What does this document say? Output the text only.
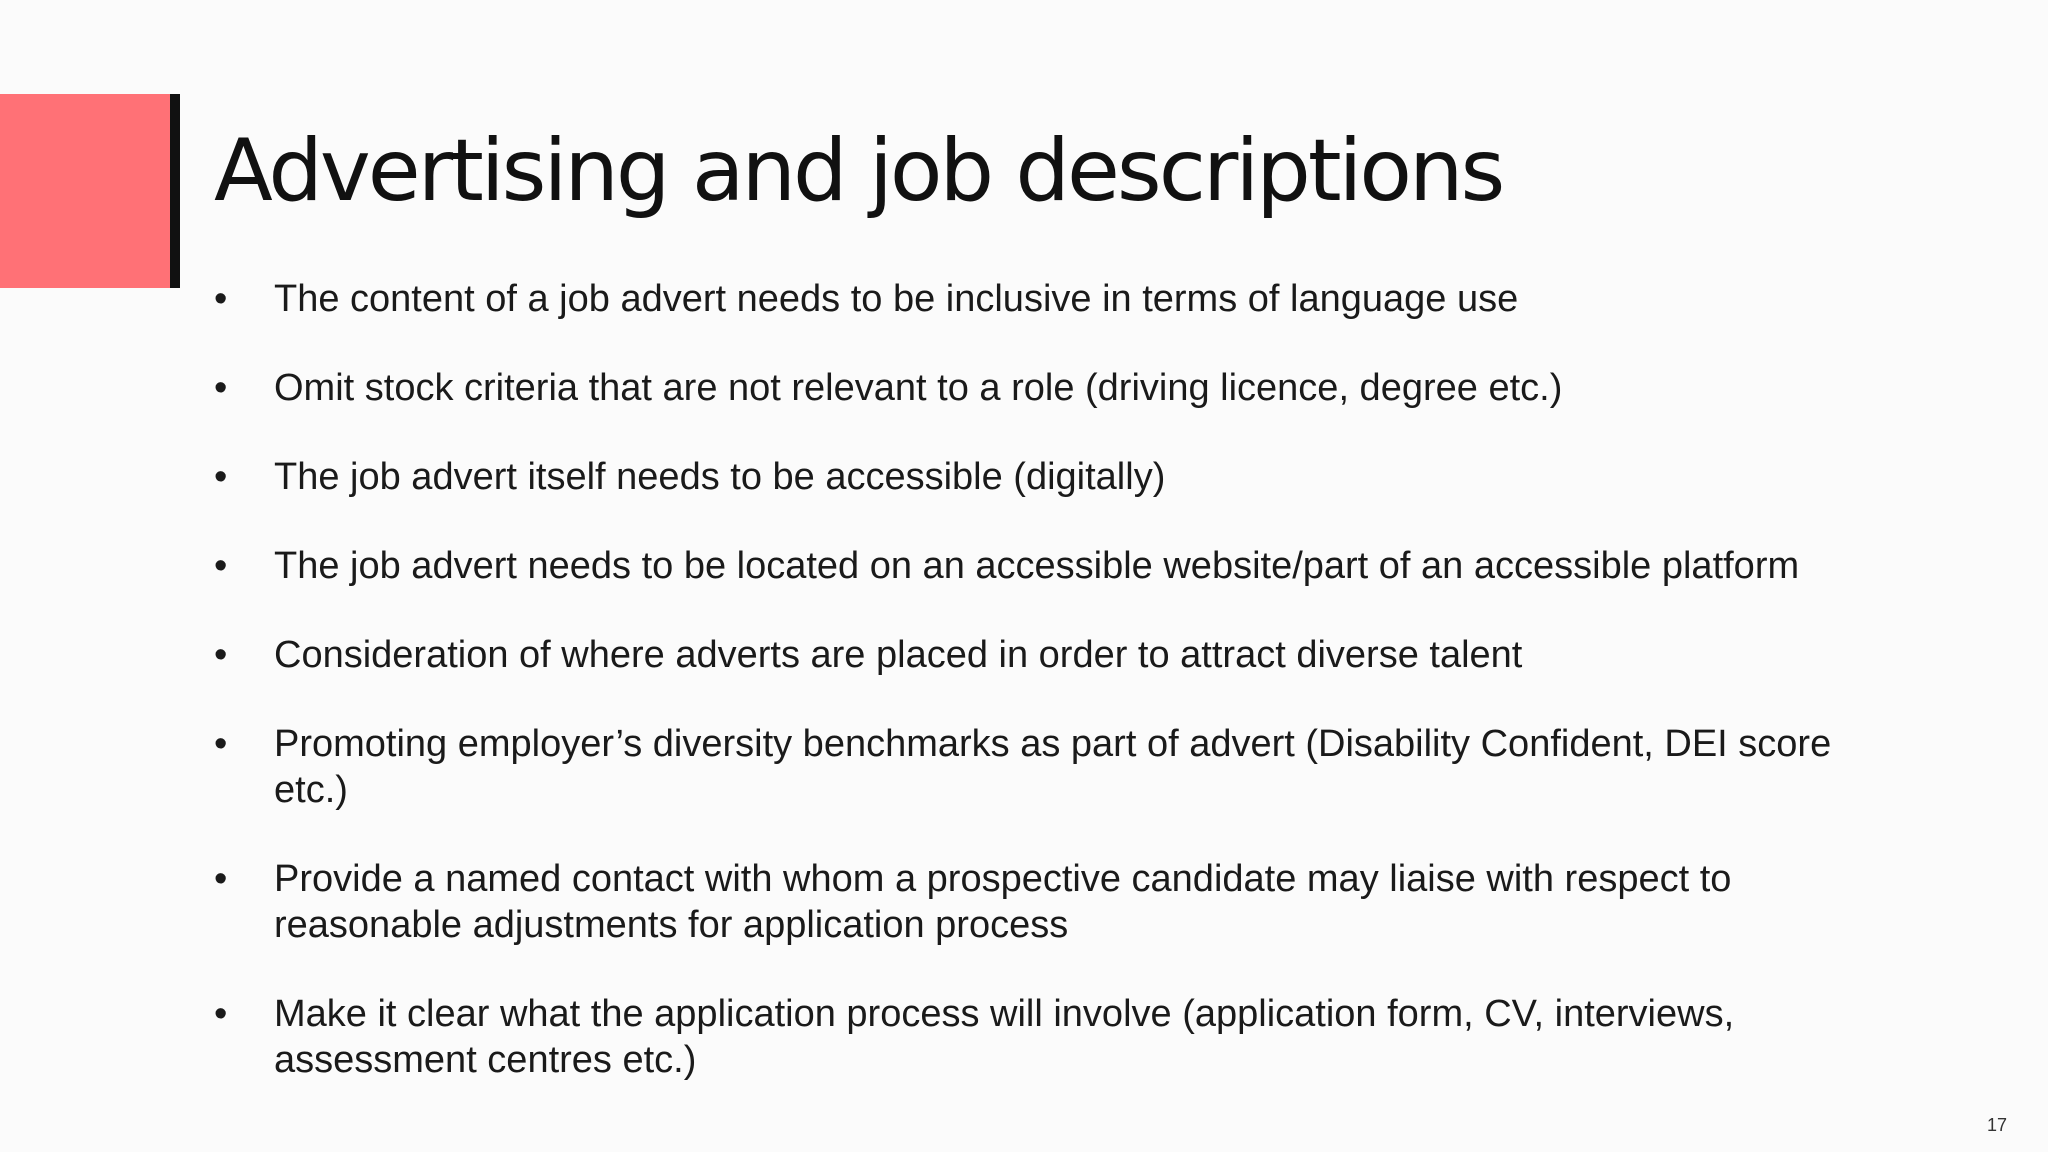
Advertising and job descriptions
• The content of a job advert needs to be inclusive in terms of language use
• Omit stock criteria that are not relevant to a role (driving licence, degree etc.)
• The job advert itself needs to be accessible (digitally)
• The job advert needs to be located on an accessible website/part of an accessible platform
• Consideration of where adverts are placed in order to attract diverse talent
• Promoting employer’s diversity benchmarks as part of advert (Disability Confident, DEI score etc.)
• Provide a named contact with whom a prospective candidate may liaise with respect to reasonable adjustments for application process
• Make it clear what the application process will involve (application form, CV, interviews, assessment centres etc.)
17
